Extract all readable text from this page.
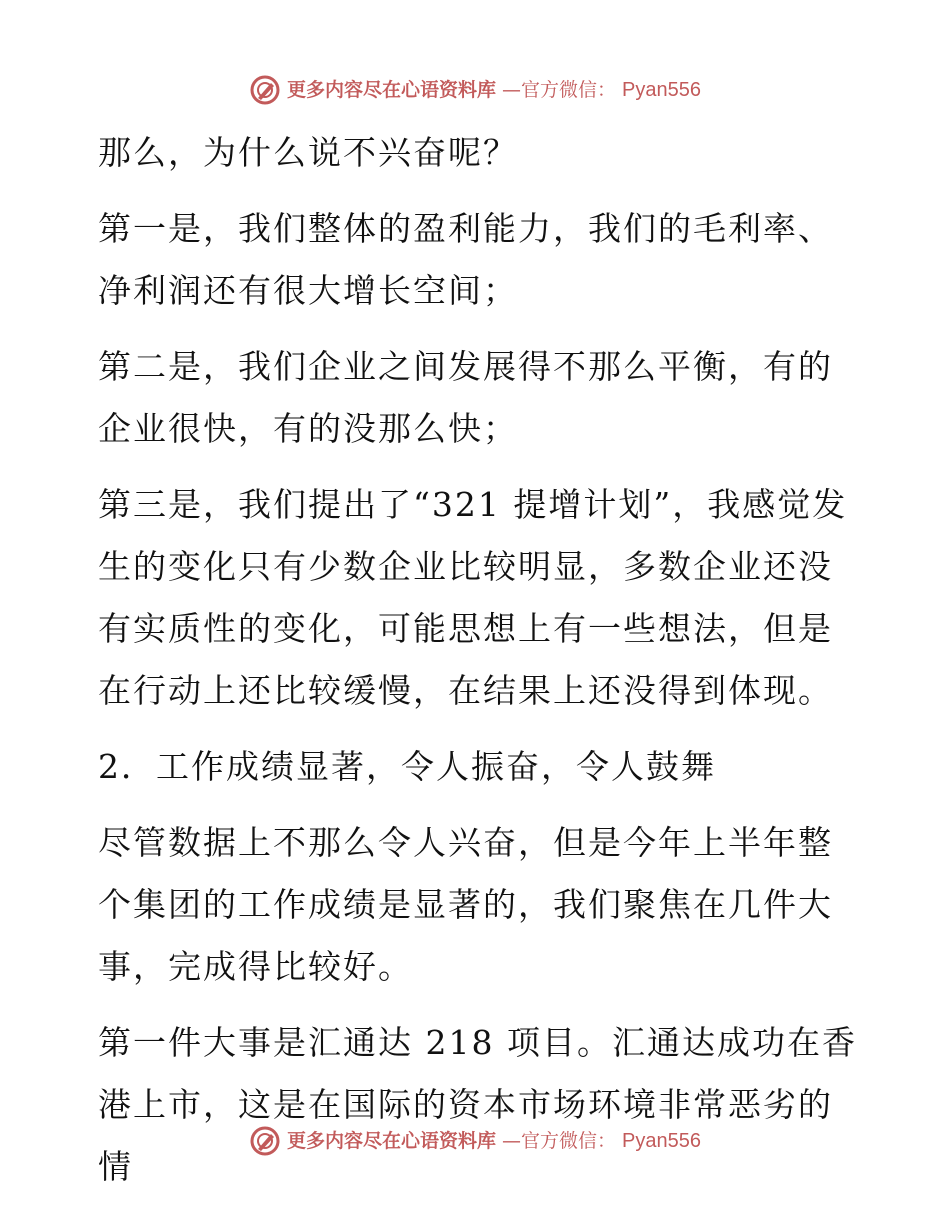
更多内容尽在心语资料库 —官方微信： Pyan556

那么，为什么说不兴奋呢？

第一是，我们整体的盈利能力，我们的毛利率、净利润还有很大增长空间；

第二是，我们企业之间发展得不那么平衡，有的企业很快，有的没那么快；

第三是，我们提出了“321 提增计划”，我感觉发生的变化只有少数企业比较明显，多数企业还没有实质性的变化，可能思想上有一些想法，但是在行动上还比较缓慢，在结果上还没得到体现。

2．工作成绩显著，令人振奋，令人鼓舞

尽管数据上不那么令人兴奋，但是今年上半年整个集团的工作成绩是显著的，我们聚焦在几件大事，完成得比较好。

第一件大事是汇通达 218 项目。汇通达成功在香港上市，这是在国际的资本市场环境非常恶劣的情

更多内容尽在心语资料库 —官方微信： Pyan556
